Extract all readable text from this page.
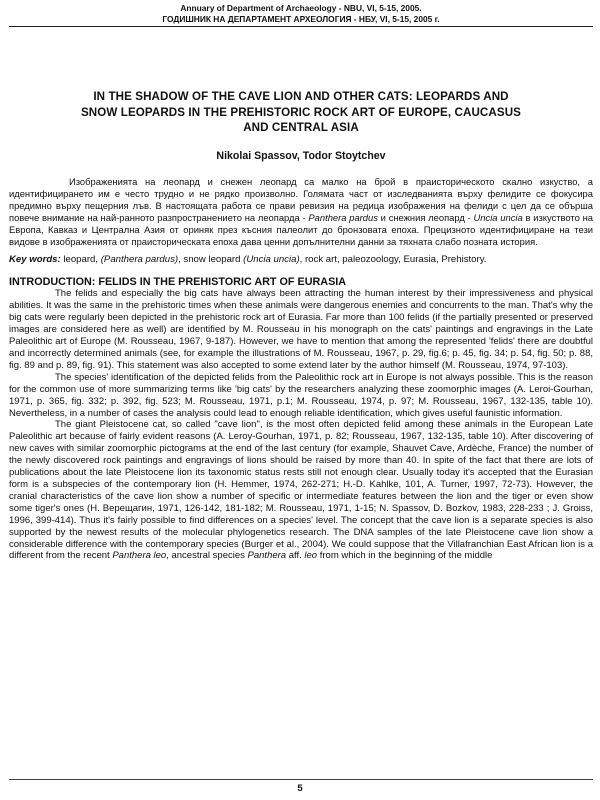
Annuary of Department of Archaeology - NBU, VI, 5-15, 2005.
ГОДИШНИК НА ДЕПАРТАМЕНТ АРХЕОЛОГИЯ - НБУ, VI, 5-15, 2005 г.
IN THE SHADOW OF THE CAVE LION AND OTHER CATS: LEOPARDS AND
SNOW LEOPARDS IN THE PREHISTORIC ROCK ART OF EUROPE, CAUCASUS
AND CENTRAL ASIA
Nikolai Spassov, Todor Stoytchev

Изображенията на леопард и снежен леопард са малко на брой в праисторическото скално изкуство, а идентифицирането им е често трудно и не рядко произволно. Голямата част от изследванията върху фелидите се фокусира предимно върху пещерния лъв. В настоящата работа се прави ревизия на редица изображения на фелиди с цел да се обърша повече внимание на най-ранното разпространението на леопарда - Panthera pardus и снежния леопард - Uncia uncia в изкуството на Европа, Кавказ и Централна Азия от ориняк през късния палеолит до бронзовата епоха. Прецизното идентифициране на тези видове в изображенията от праисторическата епоха дава ценни допълнителни данни за тяхната слабо позната история.

Key words: leopard, (Panthera pardus), snow leopard (Uncia uncia), rock art, paleozoology, Eurasia, Prehistory.
INTRODUCTION: FELIDS IN THE PREHISTORIC ART OF EURASIA

The felids and especially the big cats have always been attracting the human interest by their impressiveness and physical abilities. It was the same in the prehistoric times when these animals were dangerous enemies and concurrents to the man. That's why the big cats were regularly been depicted in the prehistoric rock art of Eurasia. Far more than 100 felids (if the partially presented or preserved images are considered here as well) are identified by M. Rousseau in his monograph on the cats' paintings and engravings in the Late Paleolithic art of Europe (M. Rousseau, 1967, 9-187). However, we have to mention that among the represented 'felids' there are doubtful and incorrectly determined animals (see, for example the illustrations of M. Rousseau, 1967, p. 29, fig.6; p. 45, fig. 34; p. 54, fig. 50; p. 88, fig. 89 and p. 89, fig. 91). This statement was also accepted to some extend later by the author himself (M. Rousseau, 1974, 97-103).

The species' identification of the depicted felids from the Paleolithic rock art in Europe is not always possible. This is the reason for the common use of more summarizing terms like 'big cats' by the researchers analyzing these zoomorphic images (A. Leroi-Gourhan, 1971, p. 365, fig. 332; p. 392, fig. 523; M. Rousseau, 1971, p.1; M. Rousseau, 1974, p. 97; M. Rousseau, 1967, 132-135, table 10). Nevertheless, in a number of cases the analysis could lead to enough reliable identification, which gives useful faunistic information.

The giant Pleistocene cat, so called "cave lion", is the most often depicted felid among these animals in the European Late Paleolithic art because of fairly evident reasons (A. Leroy-Gourhan, 1971, p. 82; Rousseau, 1967, 132-135, table 10). After discovering of new caves with similar zoomorphic pictograms at the end of the last century (for example, Shauvet Cave, Ardèche, France) the number of the newly discovered rock paintings and engravings of lions should be raised by more than 40. In spite of the fact that there are lots of publications about the late Pleistocene lion its taxonomic status rests still not enough clear. Usually today it's accepted that the Eurasian form is a subspecies of the contemporary lion (H. Hemmer, 1974, 262-271; H.-D. Kahlke, 101, A. Turner, 1997, 72-73). However, the cranial characteristics of the cave lion show a number of specific or intermediate features between the lion and the tiger or even show some tiger's ones (Н. Верещагин, 1971, 126-142, 181-182; M. Rousseau, 1971, 1-15; N. Spassov, D. Bozkov, 1983, 228-233 ; J. Groiss, 1996, 399-414). Thus it's fairly possible to find differences on a species' level. The concept that the cave lion is a separate species is also supported by the newest results of the molecular phylogenetics research. The DNA samples of the late Pleistocene cave lion show a considerable difference with the contemporary species (Burger et al., 2004). We could suppose that the Villafranchian East African lion is a different from the recent Panthera leo, ancestral species Panthera aff. leo from which in the beginning of the middle

5
